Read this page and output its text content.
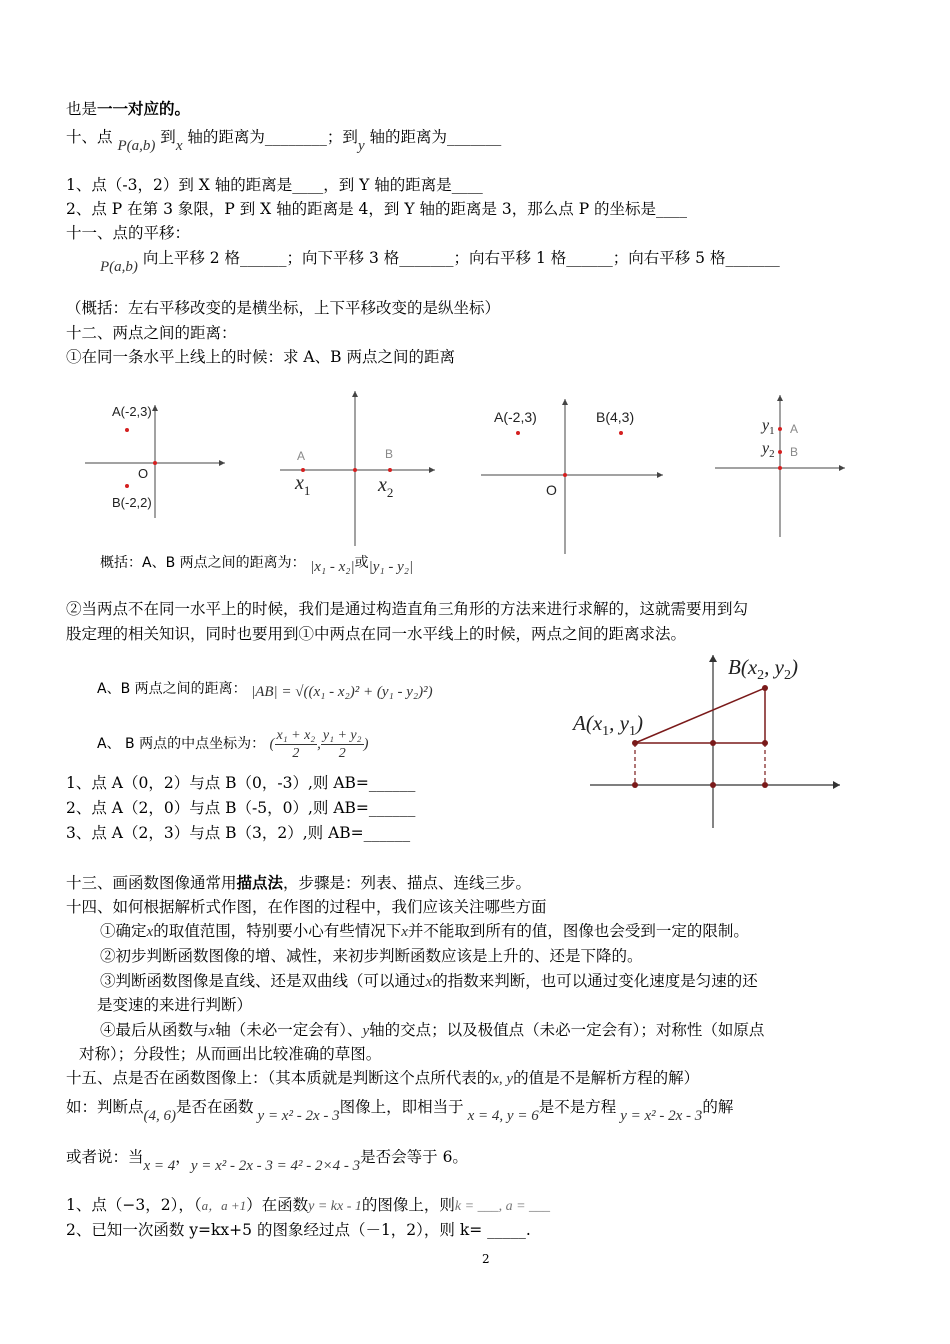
也是一一对应的。
十、点 P(a,b) 到x 轴的距离为________；到y 轴的距离为_______
1、点（-3，2）到 X 轴的距离是____，到 Y 轴的距离是____
2、点 P 在第 3 象限，P 到 X 轴的距离是 4，到 Y 轴的距离是 3，那么点 P 的坐标是____
十一、点的平移：
P(a,b) 向上平移 2 格______；向下平移 3 格_______；向右平移 1 格______；向右平移 5 格_______
（概括：左右平移改变的是横坐标，上下平移改变的是纵坐标）
十二、两点之间的距离：
①在同一条水平上线上的时候：求 A、B 两点之间的距离
A(-2,3)
O
B(-2,2)
A	B
$x_1$	$x_2$
A(-2,3)	B(4,3)
O
$y_1$ A
$y_2$ B
概括：A、B 两点之间的距离为： |x₁ - x₂|或|y₁ - y₂|
②当两点不在同一水平上的时候，我们是通过构造直角三角形的方法来进行求解的，这就需要用到勾
股定理的相关知识，同时也要用到①中两点在同一水平线上的时候，两点之间的距离求法。
$B(x_2$, $y_2$)
$A(x_1$, $y_1$)
A、B 两点之间的距离： |AB| = √((x₁ - x₂)² + (y₁ - y₂)²)
A、 B 两点的中点坐标为： ( $\frac{\text{x₁ + x₂}}{2}$ , $\frac{\text{y₁ + y₂}}{2}$ )
1、点 A（0，2）与点 B（0，-3）,则 AB=______
2、点 A（2，0）与点 B（-5，0）,则 AB=______
3、点 A（2，3）与点 B（3，2）,则 AB=______
十三、画函数图像通常用描点法，步骤是：列表、描点、连线三步。
十四、如何根据解析式作图，在作图的过程中，我们应该关注哪些方面
①确定x的取值范围，特别要小心有些情况下x并不能取到所有的值，图像也会受到一定的限制。
②初步判断函数图像的增、减性，来初步判断函数应该是上升的、还是下降的。
③判断函数图像是直线、还是双曲线（可以通过x的指数来判断，也可以通过变化速度是匀速的还
是变速的来进行判断）
④最后从函数与x轴（未必一定会有）、y轴的交点；以及极值点（未必一定会有）；对称性（如原点
对称）；分段性；从而画出比较准确的草图。
十五、点是否在函数图像上：（其本质就是判断这个点所代表的x, y的值是不是解析方程的解）
如：判断点(4, 6)是否在函数 y = x² - 2x - 3图像上，即相当于 x = 4, y = 6是不是方程 y = x² - 2x - 3的解
或者说：当x = 4，y = x² - 2x - 3 = 4² - 2×4 - 3是否会等于 6。
1、点（−3，2），（a，a +1）在函数y = kx - 1的图像上，则k = ___, a = ___
2、已知一次函数 y=kx+5 的图象经过点（－1，2），则 k= _____.
2
